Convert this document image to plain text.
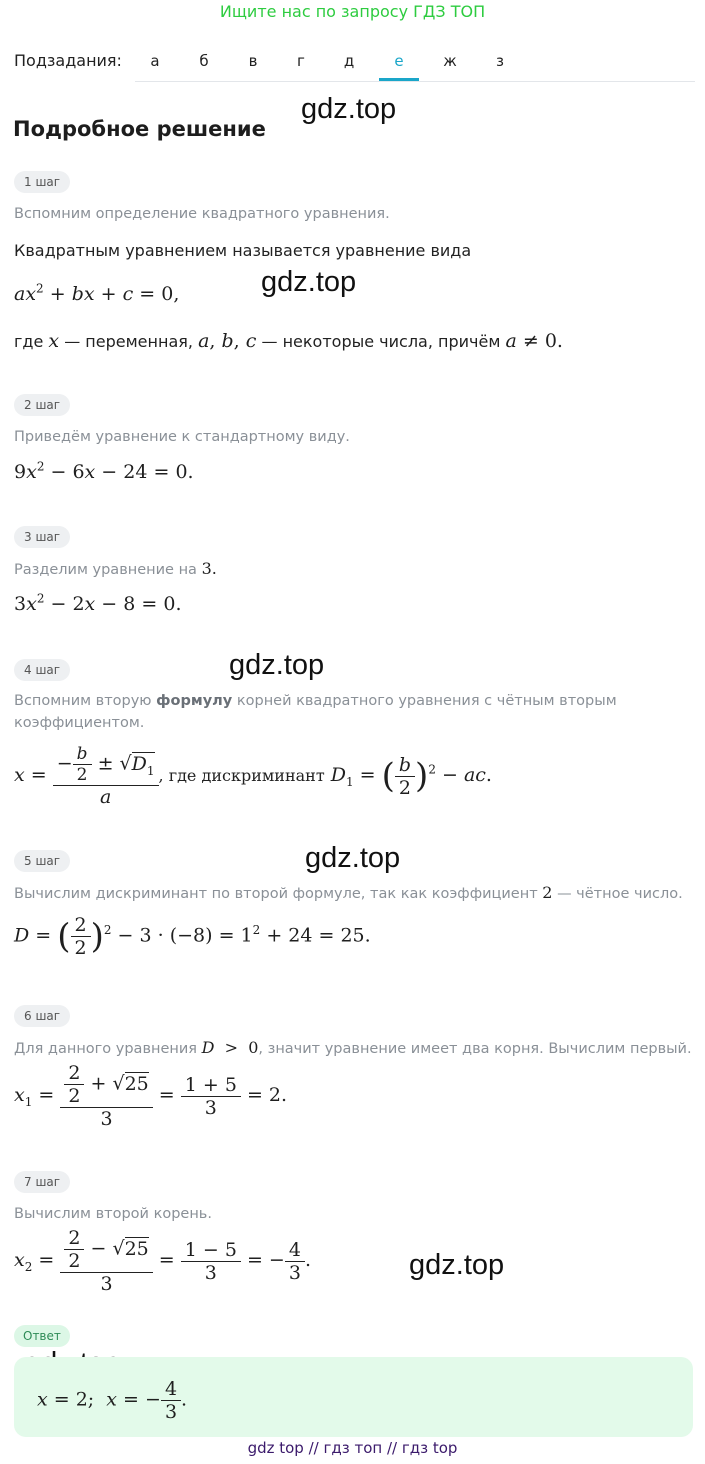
Ищите нас по запросу ГДЗ ТОП
Подзадания:	а	б	в	г	д	е	ж	з
Подробное решение
gdz.top
gdz.top
gdz.top
gdz.top
gdz.top
1 шаг
Вспомним определение квадратного уравнения.
Квадратным уравнением называется уравнение вида
$ax^2$ + bx + c = 0,
где x — переменная, a, b, c — некоторые числа, причём a ≠ 0.
2 шаг
Приведём уравнение к стандартному виду.
$9x^2 - 6x - 24 = 0$.
3 шаг
Разделим уравнение на 3.
$3x^2 - 2x - 8 = 0$.
4 шаг
Вспомним вторую формулу корней квадратного уравнения с чётным вторым коэффициентом.
$x = \frac{- \frac{b}{2} \pm √D_1}{a}$ , где дискриминант $D_1$ = ( $\frac{b}{2} )^2$ − ac.
5 шаг
Вычислим дискриминант по второй формуле, так как коэффициент 2 — чётное число.
D = ( $\frac{2}{2} )^2 - 3 \cdot (-8) = 1^2 + 24 = 25$.
6 шаг
Для данного уравнения D  >  0, значит уравнение имеет два корня. Вычислим первый.
$x_1 = \frac{\frac{2}{2} + √25}{3} = \frac{1 + 5}{3} = 2$.
7 шаг
Вычислим второй корень.
$x_2 = \frac{\frac{2}{2} - √25}{3} = \frac{1 - 5}{3}$ = − $\frac{4}{3}$ .
Ответ
x = 2;  x = − $\frac{4}{3}$ .
gdz top // гдз топ // гдз top
